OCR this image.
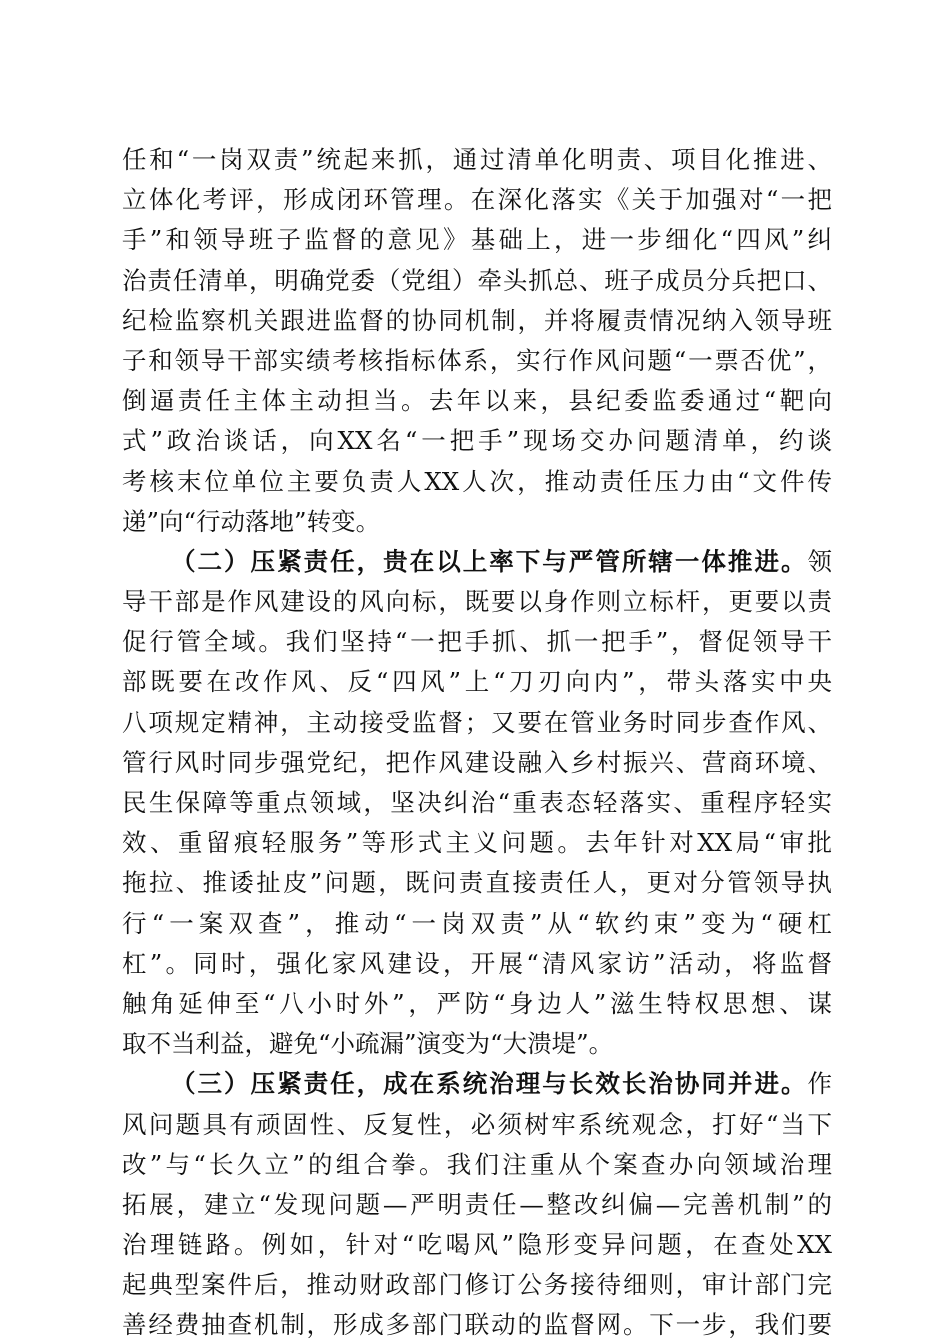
任和“一岗双责”统起来抓，通过清单化明责、项目化推进、
立体化考评，形成闭环管理。在深化落实《关于加强对“一把
手”和领导班子监督的意见》基础上，进一步细化“四风”纠
治责任清单，明确党委（党组）牵头抓总、班子成员分兵把口、
纪检监察机关跟进监督的协同机制，并将履责情况纳入领导班
子和领导干部实绩考核指标体系，实行作风问题“一票否优”，
倒逼责任主体主动担当。去年以来，县纪委监委通过“靶向
式”政治谈话，向XX名“一把手”现场交办问题清单，约谈
考核末位单位主要负责人XX人次，推动责任压力由“文件传
递”向“行动落地”转变。
（二）压紧责任，贵在以上率下与严管所辖一体推进。领
导干部是作风建设的风向标，既要以身作则立标杆，更要以责
促行管全域。我们坚持“一把手抓、抓一把手”，督促领导干
部既要在改作风、反“四风”上“刀刃向内”，带头落实中央
八项规定精神，主动接受监督；又要在管业务时同步查作风、
管行风时同步强党纪，把作风建设融入乡村振兴、营商环境、
民生保障等重点领域，坚决纠治“重表态轻落实、重程序轻实
效、重留痕轻服务”等形式主义问题。去年针对XX局“审批
拖拉、推诿扯皮”问题，既问责直接责任人，更对分管领导执
行“一案双查”，推动“一岗双责”从“软约束”变为“硬杠
杠”。同时，强化家风建设，开展“清风家访”活动，将监督
触角延伸至“八小时外”，严防“身边人”滋生特权思想、谋
取不当利益，避免“小疏漏”演变为“大溃堤”。
（三）压紧责任，成在系统治理与长效长治协同并进。作
风问题具有顽固性、反复性，必须树牢系统观念，打好“当下
改”与“长久立”的组合拳。我们注重从个案查办向领域治理
拓展，建立“发现问题—严明责任—整改纠偏—完善机制”的
治理链路。例如，针对“吃喝风”隐形变异问题，在查处XX
起典型案件后，推动财政部门修订公务接待细则，审计部门完
善经费抽查机制，形成多部门联动的监督网。下一步，我们要
